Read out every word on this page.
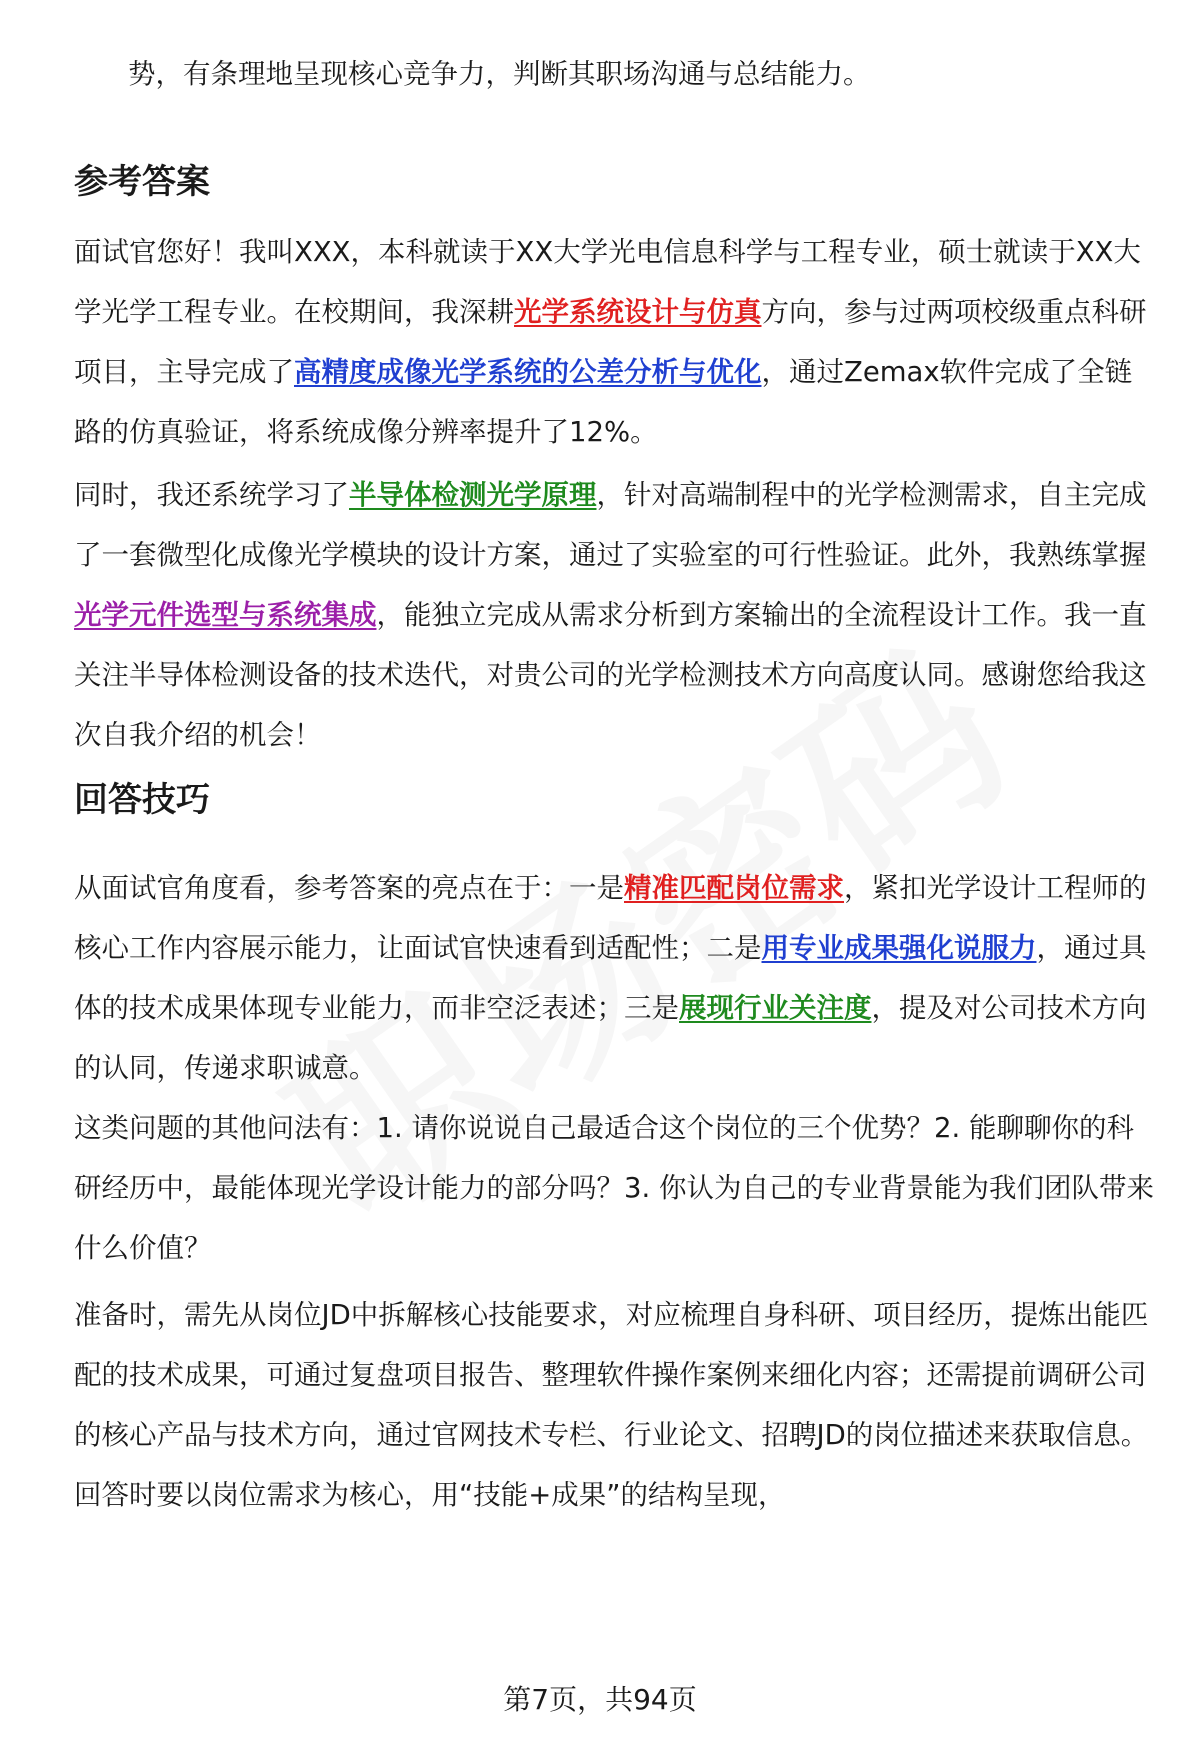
势，有条理地呈现核心竞争力，判断其职场沟通与总结能力。

参考答案

面试官您好！我叫XXX，本科就读于XX大学光电信息科学与工程专业，硕士就读于XX大学光学工程专业。在校期间，我深耕光学系统设计与仿真方向，参与过两项校级重点科研项目，主导完成了高精度成像光学系统的公差分析与优化，通过Zemax软件完成了全链路的仿真验证，将系统成像分辨率提升了12%。

同时，我还系统学习了半导体检测光学原理，针对高端制程中的光学检测需求，自主完成了一套微型化成像光学模块的设计方案，通过了实验室的可行性验证。此外，我熟练掌握光学元件选型与系统集成，能独立完成从需求分析到方案输出的全流程设计工作。我一直关注半导体检测设备的技术迭代，对贵公司的光学检测技术方向高度认同。感谢您给我这次自我介绍的机会！

回答技巧

从面试官角度看，参考答案的亮点在于：一是精准匹配岗位需求，紧扣光学设计工程师的核心工作内容展示能力，让面试官快速看到适配性；二是用专业成果强化说服力，通过具体的技术成果体现专业能力，而非空泛表述；三是展现行业关注度，提及对公司技术方向的认同，传递求职诚意。

这类问题的其他问法有：1. 请你说说自己最适合这个岗位的三个优势？2. 能聊聊你的科研经历中，最能体现光学设计能力的部分吗？3. 你认为自己的专业背景能为我们团队带来什么价值？

准备时，需先从岗位JD中拆解核心技能要求，对应梳理自身科研、项目经历，提炼出能匹配的技术成果，可通过复盘项目报告、整理软件操作案例来细化内容；还需提前调研公司的核心产品与技术方向，通过官网技术专栏、行业论文、招聘JD的岗位描述来获取信息。回答时要以岗位需求为核心，用“技能+成果”的结构呈现，

第7页，共94页
